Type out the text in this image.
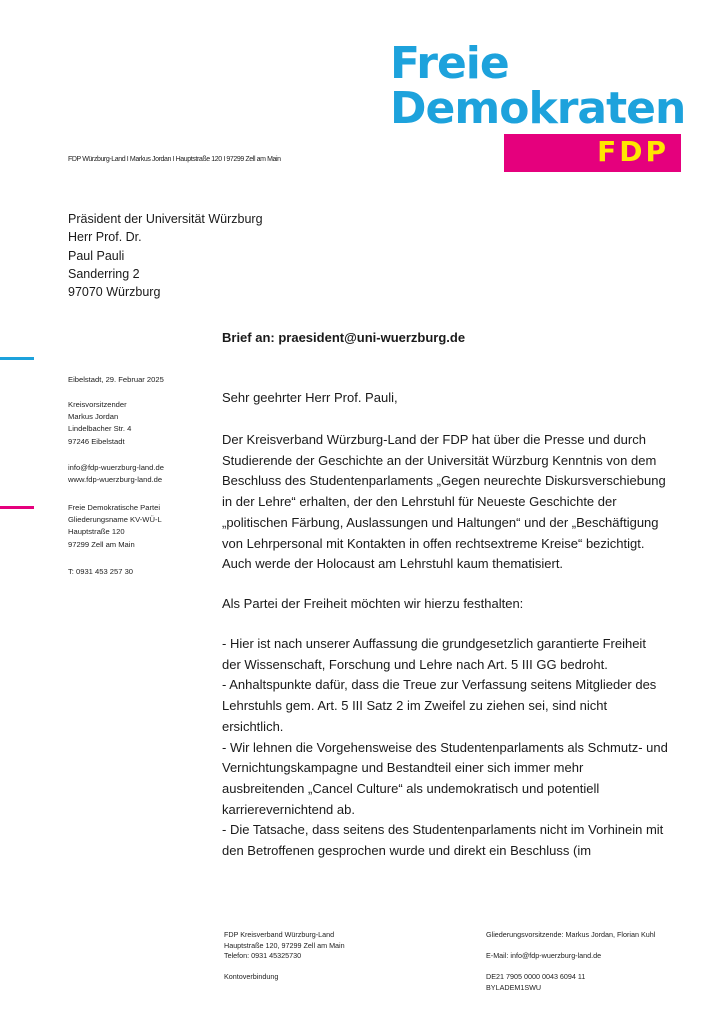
Freie
Demokraten
FDP
FDP Würzburg-Land I Markus Jordan I Hauptstraße 120 I 97299 Zell am Main
Präsident der Universität Würzburg
Herr Prof. Dr.
Paul Pauli
Sanderring 2
97070 Würzburg
Brief an: praesident@uni-wuerzburg.de
Eibelstadt, 29. Februar 2025
Kreisvorsitzender
Markus Jordan
Lindelbacher Str. 4
97246 Eibelstadt
info@fdp-wuerzburg-land.de
www.fdp-wuerzburg-land.de
Freie Demokratische Partei
Gliederungsname KV-WÜ-L
Hauptstraße 120
97299 Zell am Main
T: 0931 453 257 30
Sehr geehrter Herr Prof. Pauli,
Der Kreisverband Würzburg-Land der FDP hat über die Presse und durch
Studierende der Geschichte an der Universität Würzburg Kenntnis von dem
Beschluss des Studentenparlaments „Gegen neurechte Diskursverschiebung
in der Lehre“ erhalten, der den Lehrstuhl für Neueste Geschichte der
„politischen Färbung, Auslassungen und Haltungen“ und der „Beschäftigung
von Lehrpersonal mit Kontakten in offen rechtsextreme Kreise“ bezichtigt.
Auch werde der Holocaust am Lehrstuhl kaum thematisiert.
Als Partei der Freiheit möchten wir hierzu festhalten:
- Hier ist nach unserer Auffassung die grundgesetzlich garantierte Freiheit
der Wissenschaft, Forschung und Lehre nach Art. 5 III GG bedroht.
- Anhaltspunkte dafür, dass die Treue zur Verfassung seitens Mitglieder des
Lehrstuhls gem. Art. 5 III Satz 2 im Zweifel zu ziehen sei, sind nicht
ersichtlich.
- Wir lehnen die Vorgehensweise des Studentenparlaments als Schmutz- und
Vernichtungskampagne und Bestandteil einer sich immer mehr
ausbreitenden „Cancel Culture“ als undemokratisch und potentiell
karrierevernichtend ab.
- Die Tatsache, dass seitens des Studentenparlaments nicht im Vorhinein mit
den Betroffenen gesprochen wurde und direkt ein Beschluss (im
FDP Kreisverband Würzburg-Land
Hauptstraße 120, 97299 Zell am Main
Telefon: 0931 45325730
Kontoverbindung
Gliederungsvorsitzende: Markus Jordan, Florian Kuhl
E-Mail: info@fdp-wuerzburg-land.de
DE21 7905 0000 0043 6094 11
BYLADEM1SWU
